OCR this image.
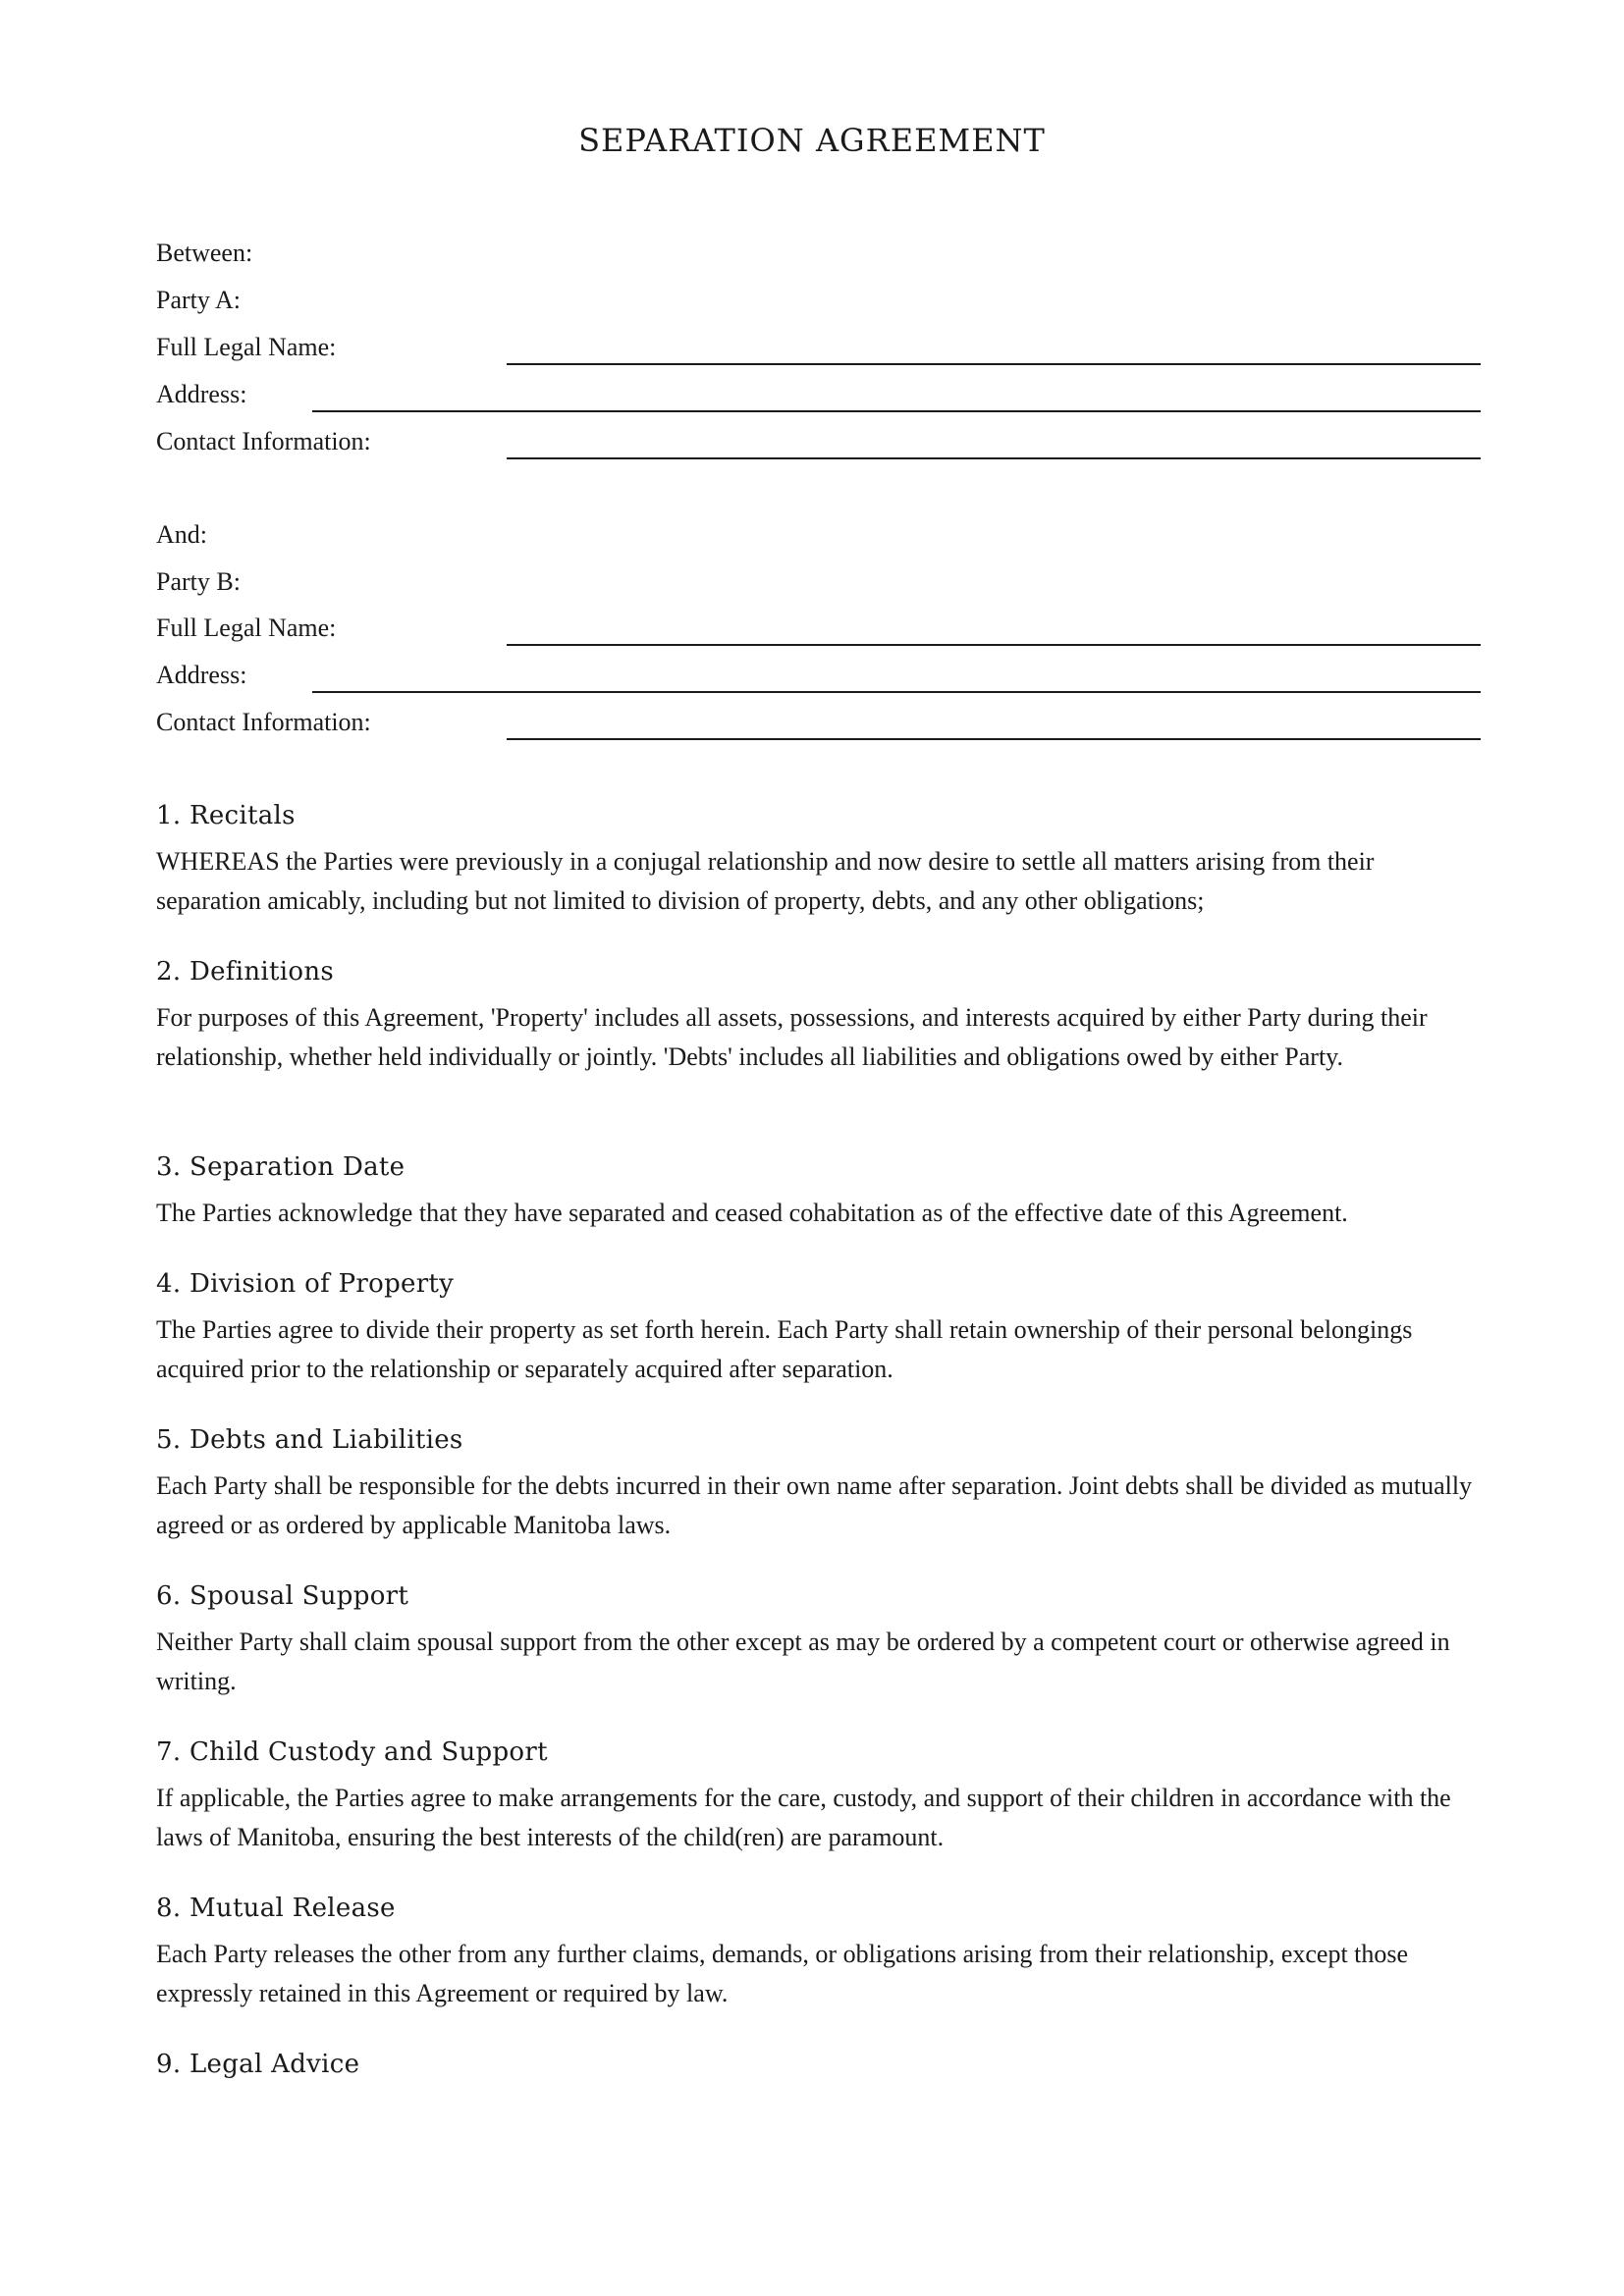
SEPARATION AGREEMENT
Between:
Party A:
Full Legal Name:
Address:
Contact Information:
And:
Party B:
Full Legal Name:
Address:
Contact Information:
1. Recitals

WHEREAS the Parties were previously in a conjugal relationship and now desire to settle all matters arising from their separation amicably, including but not limited to division of property, debts, and any other obligations;

2. Definitions

For purposes of this Agreement, 'Property' includes all assets, possessions, and interests acquired by either Party during their relationship, whether held individually or jointly. 'Debts' includes all liabilities and obligations owed by either Party.

3. Separation Date

The Parties acknowledge that they have separated and ceased cohabitation as of the effective date of this Agreement.

4. Division of Property

The Parties agree to divide their property as set forth herein. Each Party shall retain ownership of their personal belongings acquired prior to the relationship or separately acquired after separation.

5. Debts and Liabilities

Each Party shall be responsible for the debts incurred in their own name after separation. Joint debts shall be divided as mutually agreed or as ordered by applicable Manitoba laws.

6. Spousal Support

Neither Party shall claim spousal support from the other except as may be ordered by a competent court or otherwise agreed in writing.

7. Child Custody and Support

If applicable, the Parties agree to make arrangements for the care, custody, and support of their children in accordance with the laws of Manitoba, ensuring the best interests of the child(ren) are paramount.

8. Mutual Release

Each Party releases the other from any further claims, demands, or obligations arising from their relationship, except those expressly retained in this Agreement or required by law.

9. Legal Advice
